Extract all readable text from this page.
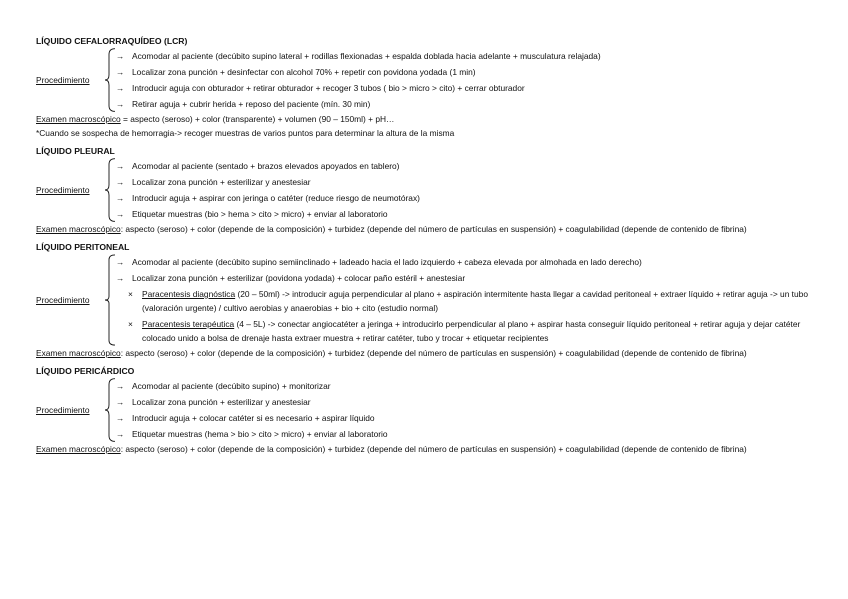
LÍQUIDO CEFALORRAQUÍDEO (LCR)

Procedimiento
→ Acomodar al paciente (decúbito supino lateral + rodillas flexionadas + espalda doblada hacia adelante + musculatura relajada)
→ Localizar zona punción + desinfectar con alcohol 70% + repetir con povidona yodada (1 min)
→ Introducir aguja con obturador + retirar obturador + recoger 3 tubos ( bio > micro > cito) + cerrar obturador
→ Retirar aguja + cubrir herida + reposo del paciente (mín. 30 min)

Examen macroscópico = aspecto (seroso) + color (transparente) + volumen (90 – 150ml) + pH…

*Cuando se sospecha de hemorragia-> recoger muestras de varios puntos para determinar la altura de la misma

LÍQUIDO PLEURAL

Procedimiento
→ Acomodar al paciente (sentado + brazos elevados apoyados en tablero)
→ Localizar zona punción + esterilizar y anestesiar
→ Introducir aguja + aspirar con jeringa o catéter (reduce riesgo de neumotórax)
→ Etiquetar muestras (bio > hema > cito > micro) + enviar al laboratorio

Examen macroscópico: aspecto (seroso) + color (depende de la composición) + turbidez (depende del número de partículas en suspensión) + coagulabilidad (depende de contenido de fibrina)

LÍQUIDO PERITONEAL

Procedimiento
→ Acomodar al paciente (decúbito supino semiinclinado + ladeado hacia el lado izquierdo + cabeza elevada por almohada en lado derecho)
→ Localizar zona punción + esterilizar (povidona yodada) + colocar paño estéril + anestesiar
× Paracentesis diagnóstica (20 – 50ml) -> introducir aguja perpendicular al plano + aspiración intermitente hasta llegar a cavidad peritoneal + extraer líquido + retirar aguja -> un tubo (valoración urgente) / cultivo aerobias y anaerobias + bio + cito (estudio normal)
× Paracentesis terapéutica (4 – 5L) -> conectar angiocatéter a jeringa + introducirlo perpendicular al plano + aspirar hasta conseguir líquido peritoneal + retirar aguja y dejar catéter colocado unido a bolsa de drenaje hasta extraer muestra + retirar catéter, tubo y trocar + etiquetar recipientes

Examen macroscópico: aspecto (seroso) + color (depende de la composición) + turbidez (depende del número de partículas en suspensión) + coagulabilidad (depende de contenido de fibrina)

LÍQUIDO PERICÁRDICO

Procedimiento
→ Acomodar al paciente (decúbito supino) + monitorizar
→ Localizar zona punción + esterilizar y anestesiar
→ Introducir aguja + colocar catéter si es necesario + aspirar líquido
→ Etiquetar muestras (hema > bio > cito > micro) + enviar al laboratorio

Examen macroscópico: aspecto (seroso) + color (depende de la composición) + turbidez (depende del número de partículas en suspensión) + coagulabilidad (depende de contenido de fibrina)
